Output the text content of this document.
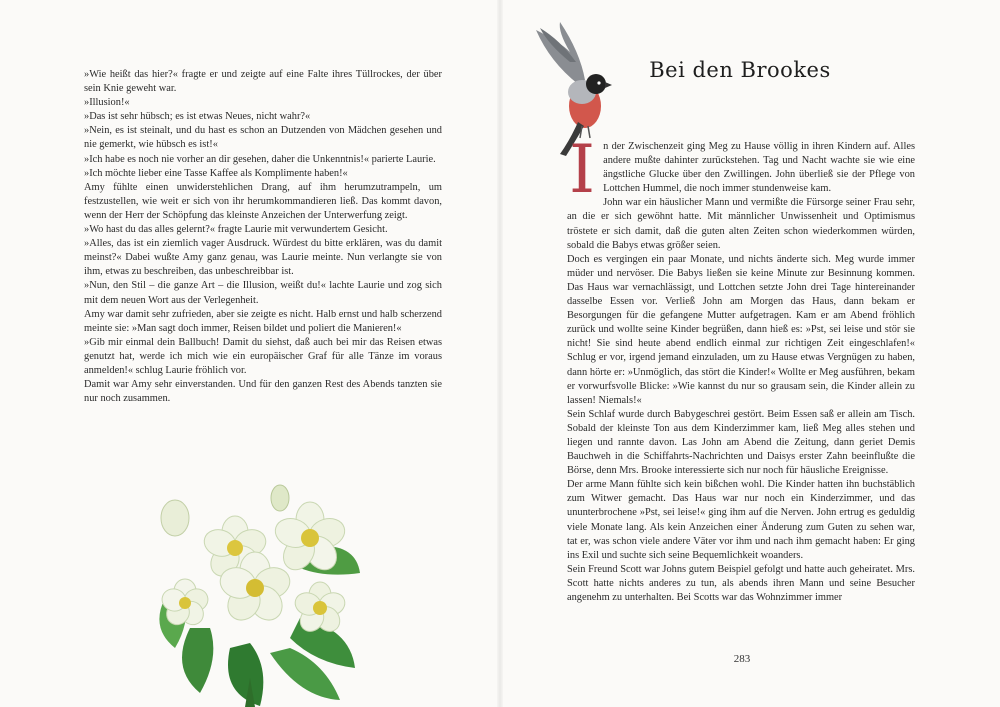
»Wie heißt das hier?« fragte er und zeigte auf eine Falte ihres Tüllrockes, der über sein Knie geweht war.

»Illusion!«

»Das ist sehr hübsch; es ist etwas Neues, nicht wahr?«

»Nein, es ist steinalt, und du hast es schon an Dutzenden von Mädchen gesehen und nie gemerkt, wie hübsch es ist!«

»Ich habe es noch nie vorher an dir gesehen, daher die Unkenntnis!« parierte Laurie.

»Ich möchte lieber eine Tasse Kaffee als Komplimente haben!«

Amy fühlte einen unwiderstehlichen Drang, auf ihm herumzutrampeln, um festzustellen, wie weit er sich von ihr herumkommandieren ließ. Das kommt davon, wenn der Herr der Schöpfung das kleinste Anzeichen der Unterwerfung zeigt.

»Wo hast du das alles gelernt?« fragte Laurie mit verwundertem Gesicht.

»Alles, das ist ein ziemlich vager Ausdruck. Würdest du bitte erklären, was du damit meinst?« Dabei wußte Amy ganz genau, was Laurie meinte. Nun verlangte sie von ihm, etwas zu beschreiben, das unbeschreibbar ist.

»Nun, den Stil – die ganze Art – die Illusion, weißt du!« lachte Laurie und zog sich mit dem neuen Wort aus der Verlegenheit.

Amy war damit sehr zufrieden, aber sie zeigte es nicht. Halb ernst und halb scherzend meinte sie: »Man sagt doch immer, Reisen bildet und poliert die Manieren!«

»Gib mir einmal dein Ballbuch! Damit du siehst, daß auch bei mir das Reisen etwas genutzt hat, werde ich mich wie ein europäischer Graf für alle Tänze im voraus anmelden!« schlug Laurie fröhlich vor.

Damit war Amy sehr einverstanden. Und für den ganzen Rest des Abends tanzten sie nur noch zusammen.

Bei den Brookes

In der Zwischenzeit ging Meg zu Hause völlig in ihren Kindern auf. Alles andere mußte dahinter zurückstehen. Tag und Nacht wachte sie wie eine ängstliche Glucke über den Zwillingen. John überließ sie der Pflege von Lottchen Hummel, die noch immer stundenweise kam.

John war ein häuslicher Mann und vermißte die Fürsorge seiner Frau sehr, an die er sich gewöhnt hatte. Mit männlicher Unwissenheit und Optimismus tröstete er sich damit, daß die guten alten Zeiten schon wiederkommen würden, sobald die Babys etwas größer seien.

Doch es vergingen ein paar Monate, und nichts änderte sich. Meg wurde immer müder und nervöser. Die Babys ließen sie keine Minute zur Besinnung kommen. Das Haus war vernachlässigt, und Lottchen setzte John drei Tage hintereinander dasselbe Essen vor. Verließ John am Morgen das Haus, dann bekam er Besorgungen für die gefangene Mutter aufgetragen. Kam er am Abend fröhlich zurück und wollte seine Kinder begrüßen, dann hieß es: »Pst, sei leise und stör sie nicht! Sie sind heute abend endlich einmal zur richtigen Zeit eingeschlafen!« Schlug er vor, irgend jemand einzuladen, um zu Hause etwas Vergnügen zu haben, dann hörte er: »Unmöglich, das stört die Kinder!« Wollte er Meg ausführen, bekam er vorwurfsvolle Blicke: »Wie kannst du nur so grausam sein, die Kinder allein zu lassen! Niemals!«

Sein Schlaf wurde durch Babygeschrei gestört. Beim Essen saß er allein am Tisch. Sobald der kleinste Ton aus dem Kinderzimmer kam, ließ Meg alles stehen und liegen und rannte davon. Las John am Abend die Zeitung, dann geriet Demis Bauchweh in die Schiffahrts-Nachrichten und Daisys erster Zahn beeinflußte die Börse, denn Mrs. Brooke interessierte sich nur noch für häusliche Ereignisse.

Der arme Mann fühlte sich kein bißchen wohl. Die Kinder hatten ihn buchstäblich zum Witwer gemacht. Das Haus war nur noch ein Kinderzimmer, und das ununterbrochene »Pst, sei leise!« ging ihm auf die Nerven. John ertrug es geduldig viele Monate lang. Als kein Anzeichen einer Änderung zum Guten zu sehen war, tat er, was schon viele andere Väter vor ihm und nach ihm gemacht haben: Er ging ins Exil und suchte sich seine Bequemlichkeit woanders.

Sein Freund Scott war Johns gutem Beispiel gefolgt und hatte auch geheiratet. Mrs. Scott hatte nichts anderes zu tun, als abends ihren Mann und seine Besucher angenehm zu unterhalten. Bei Scotts war das Wohnzimmer immer

283
